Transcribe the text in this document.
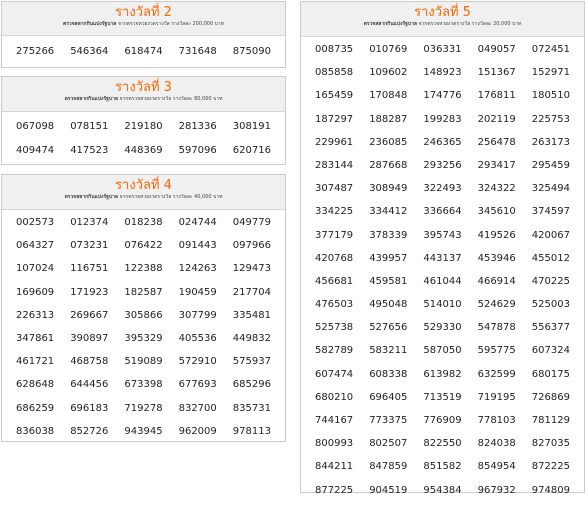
รางวัลที่ 2
ตรวจสลากกินแบ่งรัฐบาล จากตรวจหวยงวดรางวัล รางวัลละ 200,000 บาท
275266	546364	618474	731648	875090
รางวัลที่ 3
ตรวจสลากกินแบ่งรัฐบาล จากตรวจหวยงวดรางวัล รางวัลละ 80,000 บาท
067098	078151	219180	281336	308191
409474	417523	448369	597096	620716
รางวัลที่ 4
ตรวจสลากกินแบ่งรัฐบาล จากตรวจหวยงวดรางวัล รางวัลละ 40,000 บาท
002573	012374	018238	024744	049779
064327	073231	076422	091443	097966
107024	116751	122388	124263	129473
169609	171923	182587	190459	217704
226313	269667	305866	307799	335481
347861	390897	395329	405536	449832
461721	468758	519089	572910	575937
628648	644456	673398	677693	685296
686259	696183	719278	832700	835731
836038	852726	943945	962009	978113
รางวัลที่ 5
ตรวจสลากกินแบ่งรัฐบาล จากตรวจหวยงวดรางวัล รางวัลละ 20,000 บาท
008735	010769	036331	049057	072451
085858	109602	148923	151367	152971
165459	170848	174776	176811	180510
187297	188287	199283	202119	225753
229961	236085	246365	256478	263173
283144	287668	293256	293417	295459
307487	308949	322493	324322	325494
334225	334412	336664	345610	374597
377179	378339	395743	419526	420067
420768	439957	443137	453946	455012
456681	459581	461044	466914	470225
476503	495048	514010	524629	525003
525738	527656	529330	547878	556377
582789	583211	587050	595775	607324
607474	608338	613982	632599	680175
680210	696405	713519	719195	726869
744167	773375	776909	778103	781129
800993	802507	822550	824038	827035
844211	847859	851582	854954	872225
877225	904519	954384	967932	974809
